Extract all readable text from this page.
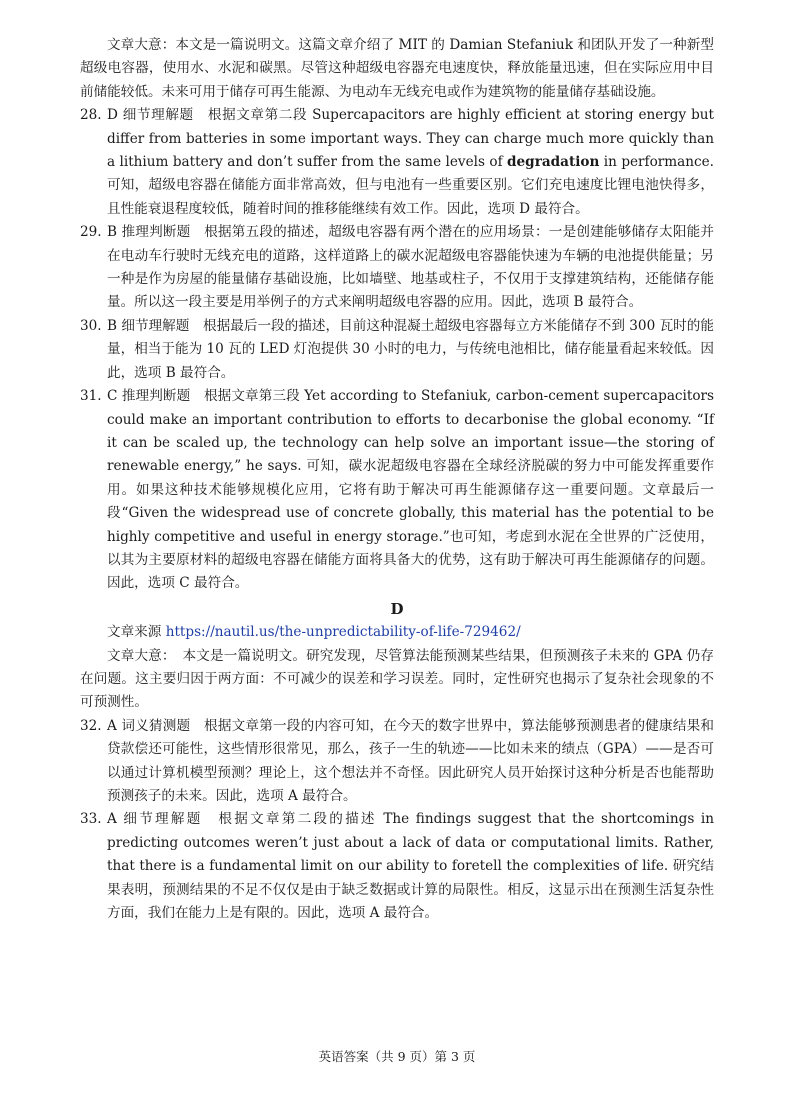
文章大意：本文是一篇说明文。这篇文章介绍了 MIT 的 Damian Stefaniuk 和团队开发了一种新型超级电容器，使用水、水泥和碳黑。尽管这种超级电容器充电速度快，释放能量迅速，但在实际应用中目前储能较低。未来可用于储存可再生能源、为电动车无线充电或作为建筑物的能量储存基础设施。

28. D 细节理解题　根据文章第二段 Supercapacitors are highly efficient at storing energy but differ from batteries in some important ways. They can charge much more quickly than a lithium battery and don’t suffer from the same levels of degradation in performance. 可知，超级电容器在储能方面非常高效，但与电池有一些重要区别。它们充电速度比锂电池快得多，且性能衰退程度较低，随着时间的推移能继续有效工作。因此，选项 D 最符合。
29. B 推理判断题　根据第五段的描述，超级电容器有两个潜在的应用场景：一是创建能够储存太阳能并在电动车行驶时无线充电的道路，这样道路上的碳水泥超级电容器能快速为车辆的电池提供能量；另一种是作为房屋的能量储存基础设施，比如墙壁、地基或柱子，不仅用于支撑建筑结构，还能储存能量。所以这一段主要是用举例子的方式来阐明超级电容器的应用。因此，选项 B 最符合。
30. B 细节理解题　根据最后一段的描述，目前这种混凝土超级电容器每立方米能储存不到 300 瓦时的能量，相当于能为 10 瓦的 LED 灯泡提供 30 小时的电力，与传统电池相比，储存能量看起来较低。因此，选项 B 最符合。
31. C 推理判断题　根据文章第三段 Yet according to Stefaniuk, carbon-cement supercapacitors could make an important contribution to efforts to decarbonise the global economy. “If it can be scaled up, the technology can help solve an important issue—the storing of renewable energy,” he says. 可知，碳水泥超级电容器在全球经济脱碳的努力中可能发挥重要作用。如果这种技术能够规模化应用，它将有助于解决可再生能源储存这一重要问题。文章最后一段“Given the widespread use of concrete globally, this material has the potential to be highly competitive and useful in energy storage.”也可知，考虑到水泥在全世界的广泛使用，以其为主要原材料的超级电容器在储能方面将具备大的优势，这有助于解决可再生能源储存的问题。因此，选项 C 最符合。
D

文章来源 https://nautil.us/the-unpredictability-of-life-729462/

文章大意：　本文是一篇说明文。研究发现，尽管算法能预测某些结果，但预测孩子未来的 GPA 仍存在问题。这主要归因于两方面：不可减少的误差和学习误差。同时，定性研究也揭示了复杂社会现象的不可预测性。

32. A 词义猜测题　根据文章第一段的内容可知，在今天的数字世界中，算法能够预测患者的健康结果和贷款偿还可能性，这些情形很常见，那么，孩子一生的轨迹——比如未来的绩点（GPA）——是否可以通过计算机模型预测？理论上，这个想法并不奇怪。因此研究人员开始探讨这种分析是否也能帮助预测孩子的未来。因此，选项 A 最符合。
33. A 细节理解题　根据文章第二段的描述 The findings suggest that the shortcomings in predicting outcomes weren’t just about a lack of data or computational limits. Rather, that there is a fundamental limit on our ability to foretell the complexities of life. 研究结果表明，预测结果的不足不仅仅是由于缺乏数据或计算的局限性。相反，这显示出在预测生活复杂性方面，我们在能力上是有限的。因此，选项 A 最符合。
英语答案（共 9 页）第 3 页
